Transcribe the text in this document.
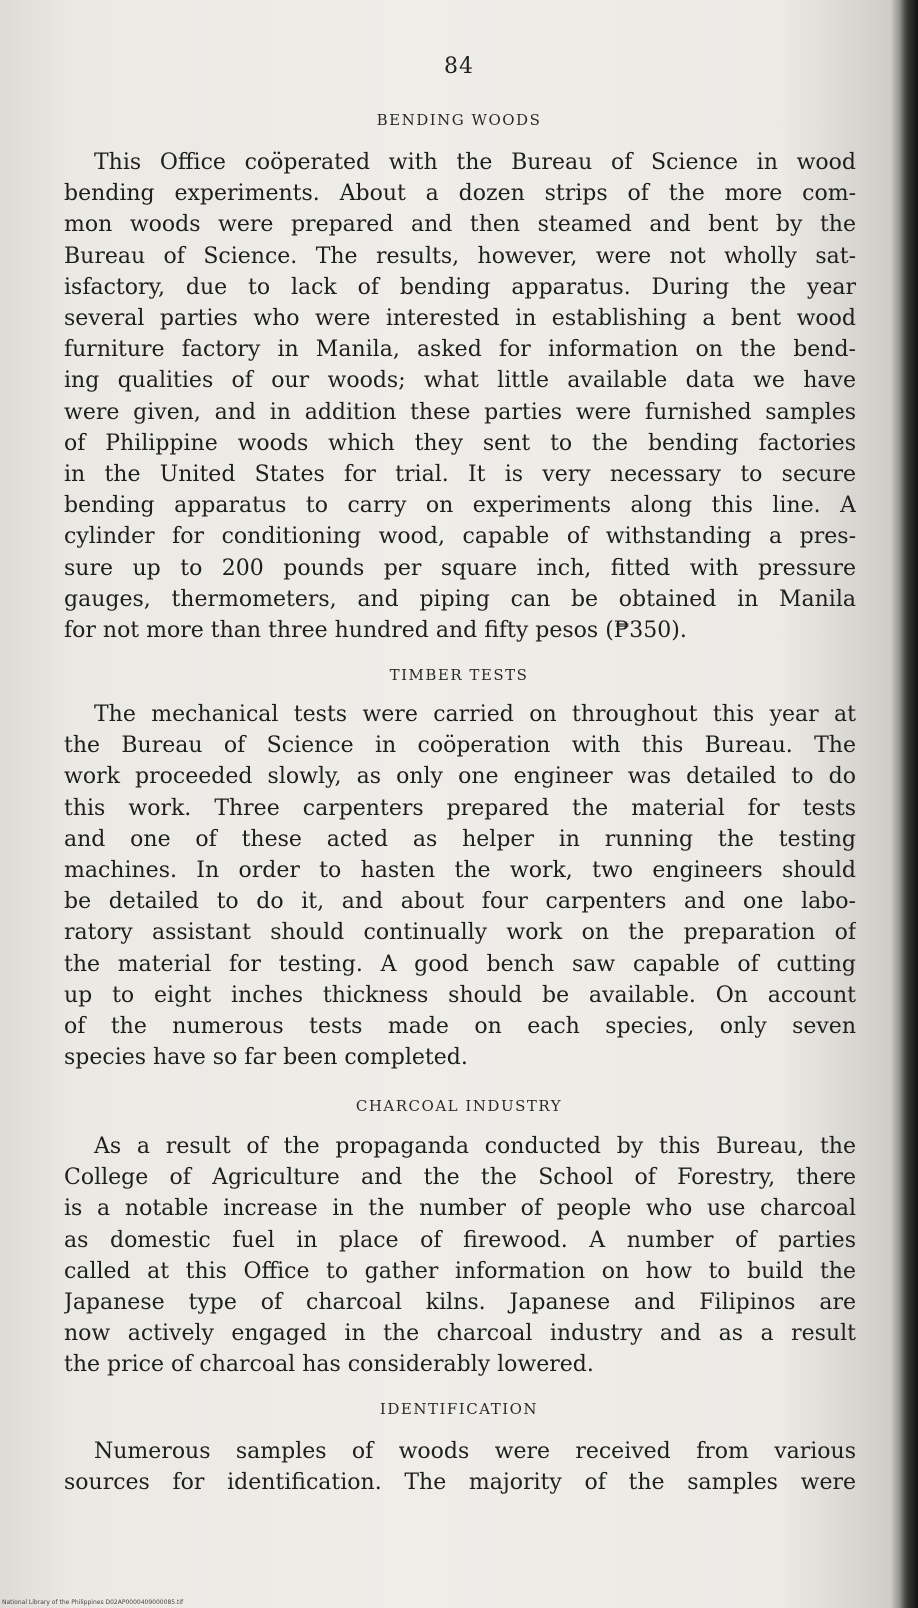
84
BENDING WOODS
This Office coöperated with the Bureau of Science in wood
bending experiments. About a dozen strips of the more com-
mon woods were prepared and then steamed and bent by the
Bureau of Science. The results, however, were not wholly sat-
isfactory, due to lack of bending apparatus. During the year
several parties who were interested in establishing a bent wood
furniture factory in Manila, asked for information on the bend-
ing qualities of our woods; what little available data we have
were given, and in addition these parties were furnished samples
of Philippine woods which they sent to the bending factories
in the United States for trial. It is very necessary to secure
bending apparatus to carry on experiments along this line. A
cylinder for conditioning wood, capable of withstanding a pres-
sure up to 200 pounds per square inch, fitted with pressure
gauges, thermometers, and piping can be obtained in Manila
for not more than three hundred and fifty pesos (₱350).
TIMBER TESTS
The mechanical tests were carried on throughout this year at
the Bureau of Science in coöperation with this Bureau. The
work proceeded slowly, as only one engineer was detailed to do
this work. Three carpenters prepared the material for tests
and one of these acted as helper in running the testing
machines. In order to hasten the work, two engineers should
be detailed to do it, and about four carpenters and one labo-
ratory assistant should continually work on the preparation of
the material for testing. A good bench saw capable of cutting
up to eight inches thickness should be available. On account
of the numerous tests made on each species, only seven
species have so far been completed.
CHARCOAL INDUSTRY
As a result of the propaganda conducted by this Bureau, the
College of Agriculture and the the School of Forestry, there
is a notable increase in the number of people who use charcoal
as domestic fuel in place of firewood. A number of parties
called at this Office to gather information on how to build the
Japanese type of charcoal kilns. Japanese and Filipinos are
now actively engaged in the charcoal industry and as a result
the price of charcoal has considerably lowered.
IDENTIFICATION
Numerous samples of woods were received from various
sources for identification. The majority of the samples were
National Library of the Philippines D02AP0000409000085.tif
